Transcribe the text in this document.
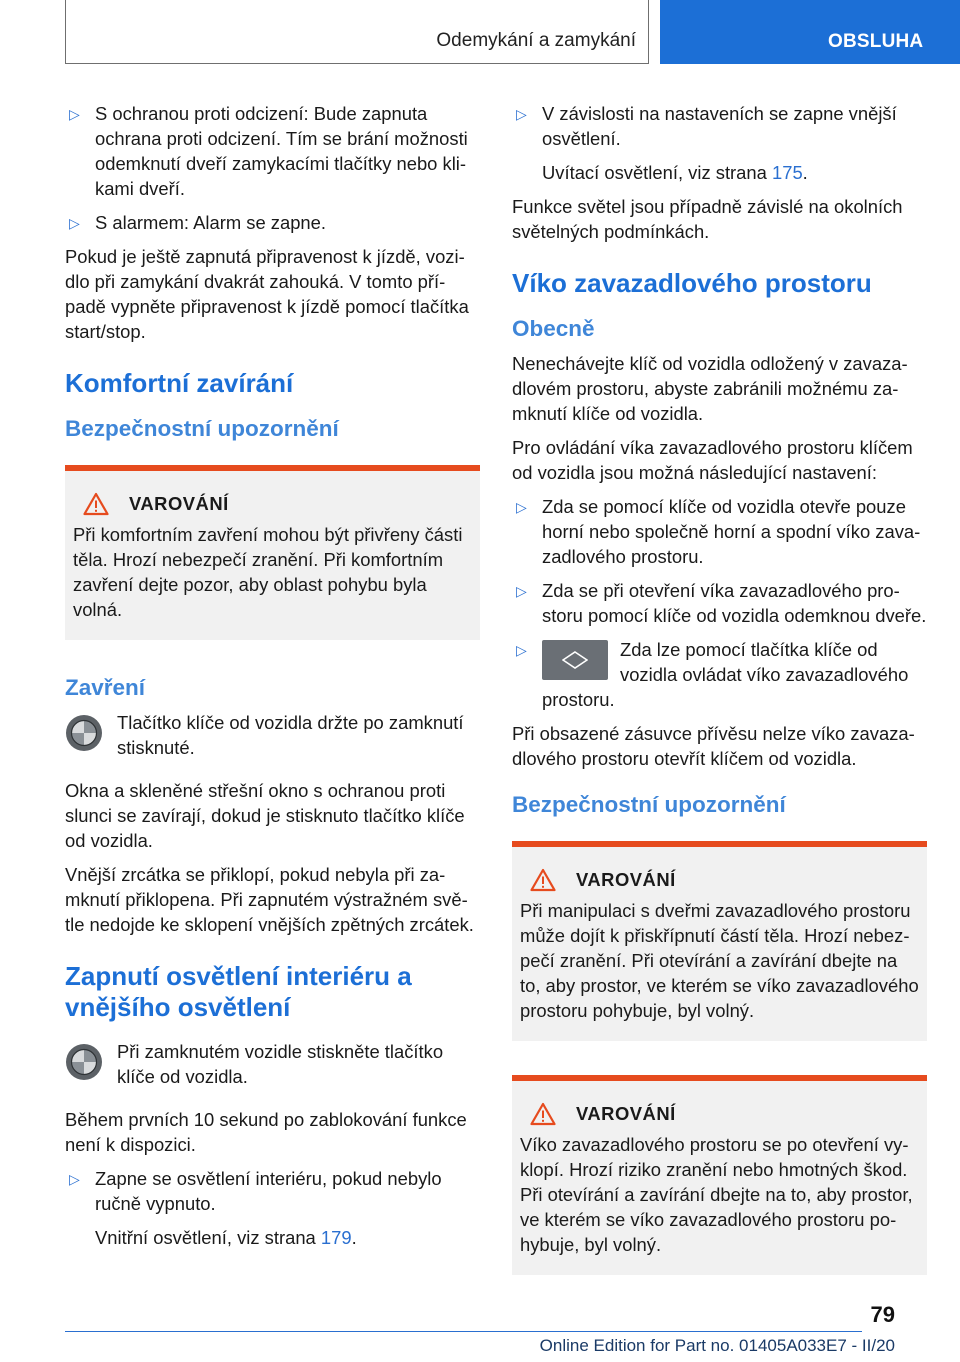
Odemykání a zamykání	OBSLUHA
▷ S ochranou proti odcizení: Bude zapnuta ochrana proti odcizení. Tím se brání možnosti odemknutí dveří zamykacími tlačítky nebo klikami dveří.
▷ S alarmem: Alarm se zapne.

Pokud je ještě zapnutá připravenost k jízdě, vozidlo při zamykání dvakrát zahouká. V tomto případě vypněte připravenost k jízdě pomocí tlačítka start/stop.

Komfortní zavírání
Bezpečnostní upozornění
VAROVÁNÍ
Při komfortním zavření mohou být přivřeny části těla. Hrozí nebezpečí zranění. Při komfortním zavření dejte pozor, aby oblast pohybu byla volná.
Zavření
Tlačítko klíče od vozidla držte po zamknutí stisknuté.

Okna a skleněné střešní okno s ochranou proti slunci se zavírají, dokud je stisknuto tlačítko klíče od vozidla.

Vnější zrcátka se přiklopí, pokud nebyla při zamknutí přiklopena. Při zapnutém výstražném světle nedojde ke sklopení vnějších zpětných zrcátek.

Zapnutí osvětlení interiéru a vnějšího osvětlení
Při zamknutém vozidle stiskněte tlačítko klíče od vozidla.

Během prvních 10 sekund po zablokování funkce není k dispozici.

▷ Zapne se osvětlení interiéru, pokud nebylo ručně vypnuto.
Vnitřní osvětlení, viz strana 179.
▷ V závislosti na nastaveních se zapne vnější osvětlení.
Uvítací osvětlení, viz strana 175.

Funkce světel jsou případně závislé na okolních světelných podmínkách.

Víko zavazadlového prostoru
Obecně

Nenechávejte klíč od vozidla odložený v zavazadlovém prostoru, abyste zabránili možnému zamknutí klíče od vozidla.

Pro ovládání víka zavazadlového prostoru klíčem od vozidla jsou možná následující nastavení:

▷ Zda se pomocí klíče od vozidla otevře pouze horní nebo společně horní a spodní víko zavazadlového prostoru.
▷ Zda se při otevření víka zavazadlového prostoru pomocí klíče od vozidla odemknou dveře.
▷	Zda lze pomocí tlačítka klíče od vozidla ovládat víko zavazadlového prostoru.

Při obsazené zásuvce přívěsu nelze víko zavazadlového prostoru otevřít klíčem od vozidla.

Bezpečnostní upozornění
VAROVÁNÍ
Při manipulaci s dveřmi zavazadlového prostoru může dojít k přiskřípnutí částí těla. Hrozí nebezpečí zranění. Při otevírání a zavírání dbejte na to, aby prostor, ve kterém se víko zavazadlového prostoru pohybuje, byl volný.
VAROVÁNÍ
Víko zavazadlového prostoru se po otevření vyklopí. Hrozí riziko zranění nebo hmotných škod. Při otevírání a zavírání dbejte na to, aby prostor, ve kterém se víko zavazadlového prostoru pohybuje, byl volný.
79
Online Edition for Part no. 01405A033E7 - II/20
